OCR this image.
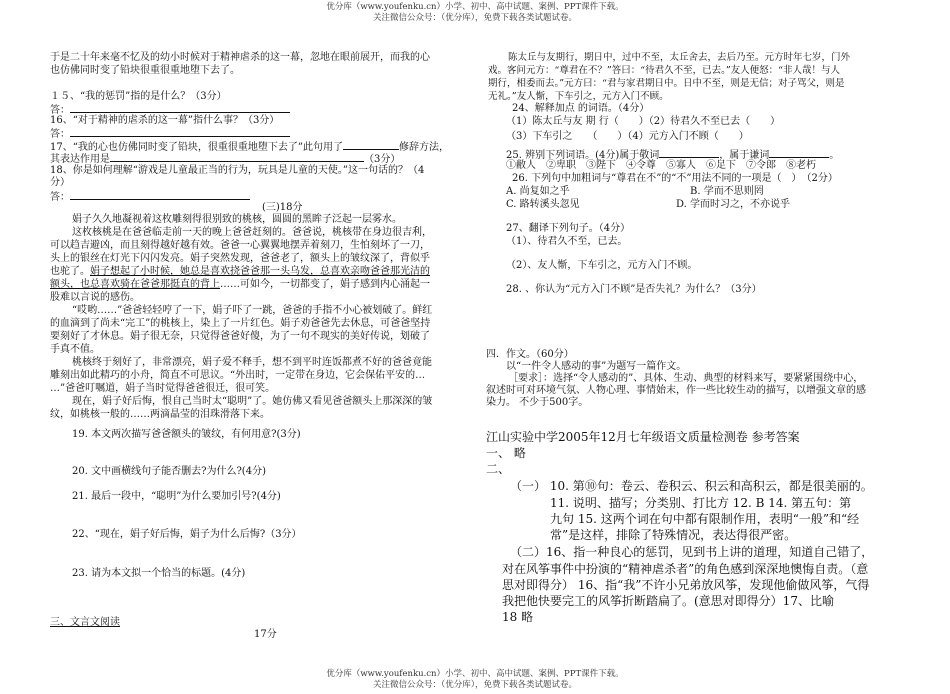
优分库（www.youfenku.cn）小学、初中、高中试题、案例、PPT课件下载。
关注微信公众号：（优分库），免费下载各类试题试卷。
于是二十年来毫不忆及的幼小时候对于精神虐杀的这一幕，忽地在眼前展开，而我的心
也仿佛同时变了铅块很重很重地堕下去了。
１５、“我的惩罚”指的是什么？（3分）
答：
16、“对于精神的虐杀的这一幕”指什么事？（3分）
答：
17、“我的心也仿佛同时变了铅块，很重很重地堕下去了”此句用了	修辞方法，
其表达作用是	（3分）
18、你是如何理解“游戏是儿童最正当的行为，玩具是儿童的天使。”这一句话的？（4
分）
答：
(三)18分
娟子久久地凝视着这枚雕刻得很别致的桃核，圆圆的黑眸子泛起一层雾水。
这枚核桃是在爸爸临走前一天的晚上爸爸赶刻的。爸爸说，桃核带在身边很吉利，
可以趋吉避凶，而且刻得越好越有效。爸爸一心翼翼地摆弄着刻刀，生怕刻坏了一刀，
头上的银丝在灯光下闪闪发亮。娟子突然发现，爸爸老了，额头上的皱纹深了，背似乎
也驼了。娟子想起了小时候，她总是喜欢挠爸爸那一头乌发，总喜欢亲吻爸爸那光洁的
额头，也总喜欢骑在爸爸那挺直的背上……可如今，一切都变了，娟子感到内心涌起一
股难以言说的感伤。
“哎哟……”爸爸轻轻哼了一下，娟子吓了一跳，爸爸的手指不小心被划破了。鲜红
的血滴到了尚未“完工”的桃核上，染上了一片红色。娟子劝爸爸先去休息，可爸爸坚持
要刻好了才休息。娟子很无奈，只觉得爸爸好傻，为了一句不现实的美好传说，划破了
手真不值。
桃核终于刻好了，非常漂亮，娟子爱不释手，想不到平时连饭都煮不好的爸爸竟能
雕刻出如此精巧的小舟，简直不可思议。“外出时，一定带在身边，它会保佑平安的…
…”爸爸叮嘱道，娟子当时觉得爸爸很迁，很可笑。
现在，娟子好后悔，恨自己当时太“聪明”了。她仿佛又看见爸爸额头上那深深的皱
纹，如桃核一般的……两滴晶莹的泪珠滑落下来。
19. 本文两次描写爸爸额头的皱纹，有何用意?(3分)
20. 文中画横线句子能否删去?为什么?(4分)
21. 最后一段中，“聪明”为什么要加引号?(4分)
22、“现在，娟子好后悔，娟子为什么后悔?（3分）
23. 请为本文拟一个恰当的标题。(4分)
三、文言文阅读
17分
陈太丘与友期行，期日中，过中不至，太丘舍去，去后乃至。元方时年七岁，门外
戏。客问元方：“尊君在不？”答曰：“待君久不至，已去。”友人便怒：“非人哉！与人
期行，相委而去。”元方曰：“君与家君期日中。日中不至，则是无信；对子骂父，则是
无礼。”友人惭，下车引之，元方入门不顾。
24、解释加点 的词语。（4分）
（1）陈太丘与友 期 行（　　）（2）待君久不至已去（　　）
（3）下车引之　　（　　）（4）元方入门不顾（　　）
25. 辨别下列词语。(4分)属于敬词	，属于谦词	。
①敝人　②卑职　③陛下　④令尊　⑤寡人　⑥足下　⑦令郎　⑧老朽
26. 下列句中加粗词与“尊君在不”的“不”用法不同的一项是（　）　（2分）
A. 尚复如之乎	B. 学而不思则罔
C. 路转溪头忽见	D. 学而时习之，不亦说乎
27、翻译下列句子。（4分）
（1）、待君久不至，已去。
（2）、友人惭，下车引之，元方入门不顾。
28. 、你认为“元方入门不顾”是否失礼？为什么？（3分）
四．作文。（60分）
以“一件令人感动的事”为题写一篇作文。
［要求］：选择“令人感动的”、具体、生动、典型的材料来写，要紧紧围绕中心，
叙述时可对环境气氛、人物心理、事情始末，作一些比较生动的描写，以增强文章的感
染力。 不少于500字。
江山实验中学2005年12月七年级语文质量检测卷 参考答案
一、 略
二、
（一） 10. 第⑩句：卷云、卷积云、积云和高积云，都是很美丽的。
11. 说明、描写；分类别、打比方 12. B 14. 第五句：第
九句 15. 这两个词在句中都有限制作用，表明“一般”和“经
常”是这样，排除了特殊情况，表达得很严密。
（二）16、指一种良心的惩罚，见到书上讲的道理，知道自己错了，
对在风筝事件中扮演的“精神虐杀者”的角色感到深深地懊悔自责。（意
思对即得分） 16、指“我”不许小兄弟放风筝，发现他偷做风筝，气得
我把他快要完工的风筝折断踏扁了。(意思对即得分）17、比喻
18 略
优分库（www.youfenku.cn）小学、初中、高中试题、案例、PPT课件下载。
关注微信公众号：（优分库），免费下载各类试题试卷。
